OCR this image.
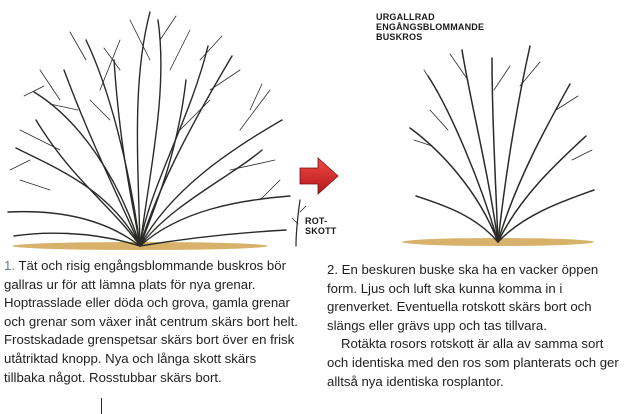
URGALLRAD
ENGÅNGSBLOMMANDE
BUSKROS
ROT-
SKOTT

1. Tät och risig engångsblommande buskros bör gallras ur för att lämna plats för nya grenar. Hoptrasslade eller döda och grova, gamla grenar och grenar som växer inåt centrum skärs bort helt. Frostskadade grenspetsar skärs bort över en frisk utåtriktad knopp. Nya och långa skott skärs tillbaka något. Rosstubbar skärs bort.

2. En beskuren buske ska ha en vacker öppen form. Ljus och luft ska kunna komma in i grenverket. Eventuella rotskott skärs bort och slängs eller grävs upp och tas tillvara.

Rotäkta rosors rotskott är alla av samma sort och identiska med den ros som planterats och ger alltså nya identiska rosplantor.
